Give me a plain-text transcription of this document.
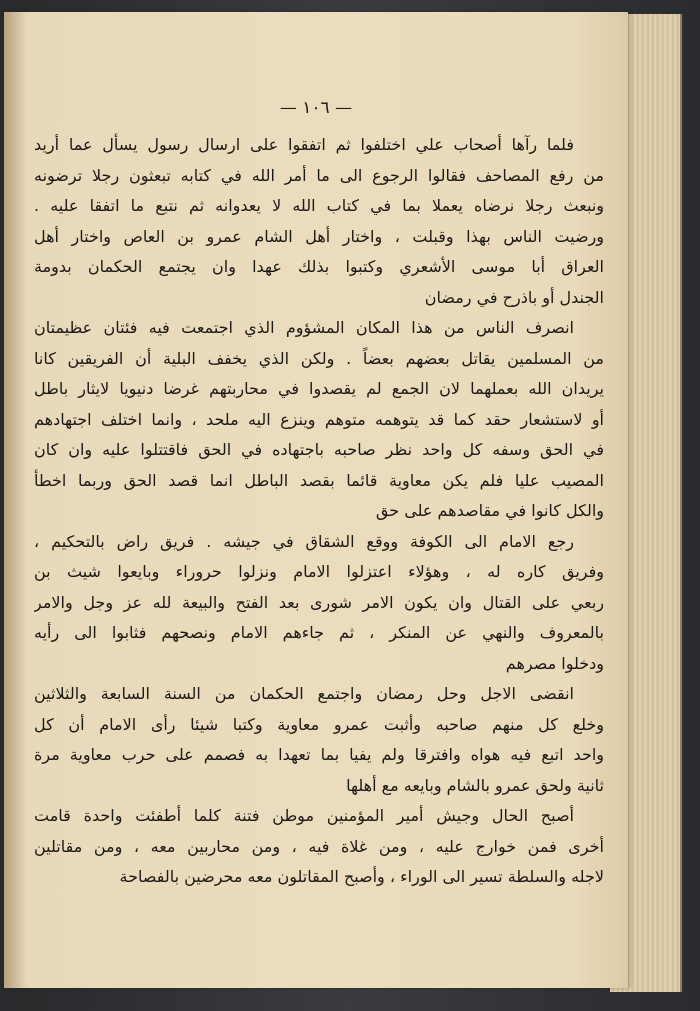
— ١٠٦ —
فلما رآها أصحاب علي اختلفوا ثم اتفقوا على ارسال رسول يسأل عما أريد
من رفع المصاحف فقالوا الرجوع الى ما أمر الله في كتابه تبعثون رجلا ترضونه
ونبعث رجلا نرضاه يعملا بما في كتاب الله لا يعدوانه ثم نتبع ما اتفقا عليه .
ورضيت الناس بهذا وقبلت ، واختار أهل الشام عمرو بن العاص واختار أهل
العراق أبا موسى الأشعري وكتبوا بذلك عهدا وان يجتمع الحكمان بدومة
الجندل أو باذرح في رمضان
انصرف الناس من هذا المكان المشؤوم الذي اجتمعت فيه فئتان عظيمتان
من المسلمين يقاتل بعضهم بعضاً . ولكن الذي يخفف البلية أن الفريقين كانا
يريدان الله بعملهما لان الجمع لم يقصدوا في محاربتهم غرضا دنيويا لايثار باطل
أو لاستشعار حقد كما قد يتوهمه متوهم وينزع اليه ملحد ، وانما اختلف اجتهادهم
في الحق وسفه كل واحد نظر صاحبه باجتهاده في الحق فاقتتلوا عليه وان كان
المصيب عليا فلم يكن معاوية قائما بقصد الباطل انما قصد الحق وربما اخطأ
والكل كانوا في مقاصدهم على حق
رجع الامام الى الكوفة ووقع الشقاق في جيشه . فريق راض بالتحكيم ،
وفريق كاره له ، وهؤلاء اعتزلوا الامام ونزلوا حروراء وبايعوا شيث بن
ربعي على القتال وان يكون الامر شورى بعد الفتح والبيعة لله عز وجل والامر
بالمعروف والنهي عن المنكر ، ثم جاءهم الامام ونصحهم فثابوا الى رأيه
ودخلوا مصرهم
انقضى الاجل وحل رمضان واجتمع الحكمان من السنة السابعة والثلاثين
وخلع كل منهم صاحبه وأثبت عمرو معاوية وكتبا شيئا رأى الامام أن كل
واحد اتبع فيه هواه وافترقا ولم يفيا بما تعهدا به فصمم على حرب معاوية مرة
ثانية ولحق عمرو بالشام وبايعه مع أهلها
أصبح الحال وجيش أمير المؤمنين موطن فتنة كلما أطفئت واحدة قامت
أخرى فمن خوارج عليه ، ومن غلاة فيه ، ومن محاربين معه ، ومن مقاتلين
لاجله والسلطة تسير الى الوراء ، وأصبح المقاتلون معه محرضين بالفصاحة
